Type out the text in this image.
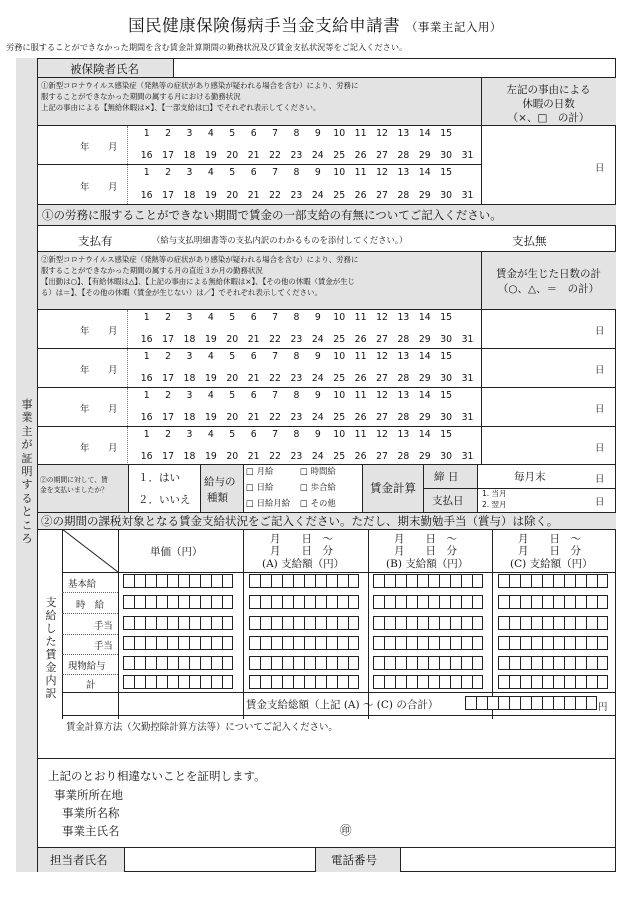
国民健康保険傷病手当金支給申請書 （事業主記入用）
労務に服することができなかった期間を含む賃金計算期間の勤務状況及び賃金支払状況等をご記入ください。
事業主が証明するところ
被保険者氏名
①新型コロナウイルス感染症（発熱等の症状があり感染が疑われる場合を含む）により、労務に
服することができなかった期間の属する月における勤務状況
上記の事由による【無給休暇は×】、【一部支給は□】でそれぞれ表示してください。
左記の事由による
休暇の日数
（×、□　の計）
年　　月
1	2	3	4	5	6	7	8	9	10	11	12	13	14	15
16	17	18	19	20	21	22	23	24	25	26	27	28	29	30	31
年　　月
1	2	3	4	5	6	7	8	9	10	11	12	13	14	15
16	17	18	19	20	21	22	23	24	25	26	27	28	29	30	31
日
①の労務に服することができない期間で賃金の一部支給の有無についてご記入ください。
支払有	（給与支払明細書等の支払内訳のわかるものを添付してください。）	支払無
②新型コロナウイルス感染症（発熱等の症状があり感染が疑われる場合を含む）により、労務に
服することができなかった期間の属する月の直近３か月の勤務状況
【出勤は○】、【有給休暇は△】、【上記の事由による無給休暇は×】、【その他の休暇（賃金が生じ
る）は＝】、【その他の休暇（賃金が生じない）は／】でそれぞれ表示してください。
賃金が生じた日数の計
（○、△、＝　の計）
年　　月
1	2	3	4	5	6	7	8	9	10	11	12	13	14	15
16	17	18	19	20	21	22	23	24	25	26	27	28	29	30	31
日
年　　月
1	2	3	4	5	6	7	8	9	10	11	12	13	14	15
16	17	18	19	20	21	22	23	24	25	26	27	28	29	30	31
日
年　　月
1	2	3	4	5	6	7	8	9	10	11	12	13	14	15
16	17	18	19	20	21	22	23	24	25	26	27	28	29	30	31
日
年　　月
1	2	3	4	5	6	7	8	9	10	11	12	13	14	15
16	17	18	19	20	21	22	23	24	25	26	27	28	29	30	31
日
②の期間に対して、賃
金を支払いましたか？
１．はい
２．いいえ
給与の
種類
□ 月給	□ 時間給
□ 日給	□ 歩合給
□ 日給月給 □ その他
賃金計算
締 日	毎月末	日
支払日
1. 当月
2. 翌月	日
②の期間の課税対象となる賃金支給状況をご記入ください。ただし、期末勤勉手当（賞与）は除く。
単価（円）
月　　日　～
月　　日　分
(A) 支給額（円）
月　　日　～
月　　日　分
(B) 支給額（円）
月　　日　～
月　　日　分
(C) 支給額（円）
支給した賃金内訳
基本給
時　給
手当
手当
現物給与
計
賃金支給総額（上記 (A) ～ (C) の合計）	円
賃金計算方法（欠勤控除計算方法等）についてご記入ください。
上記のとおり相違ないことを証明します。
事業所所在地
事業所名称
事業主氏名	㊞
担当者氏名	電話番号
